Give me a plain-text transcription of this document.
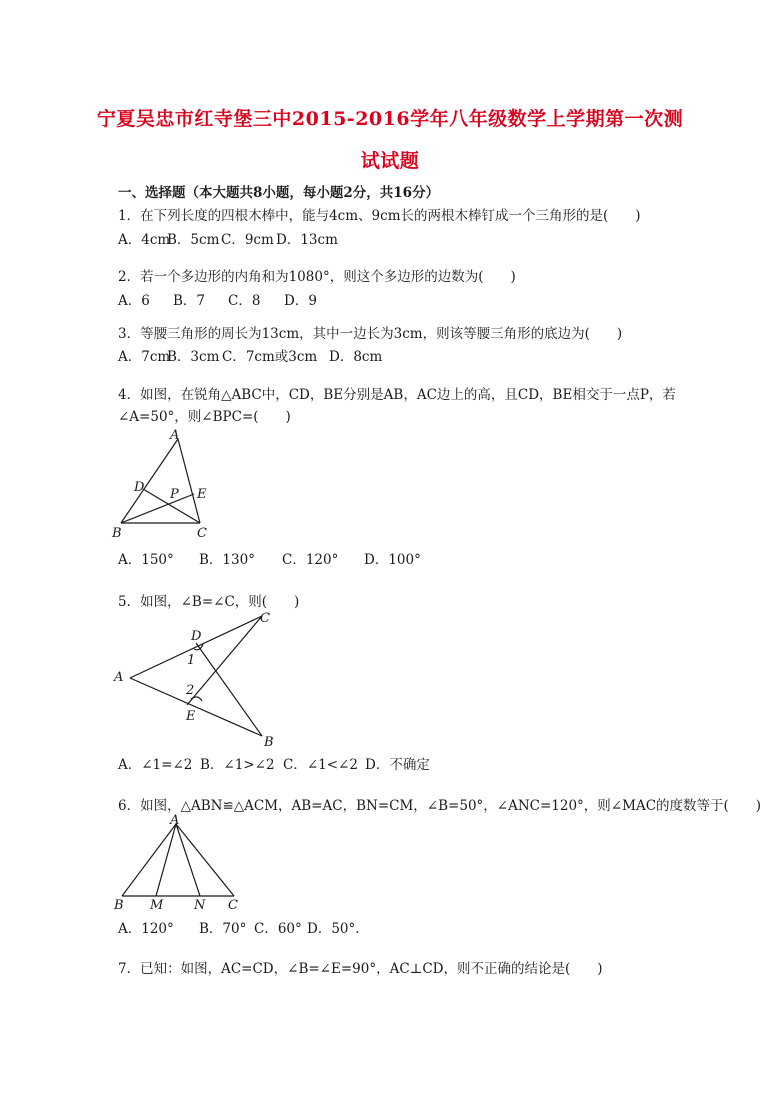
宁夏吴忠市红寺堡三中2015-2016学年八年级数学上学期第一次测
试试题
一、选择题（本大题共8小题，每小题2分，共16分）
1．在下列长度的四根木棒中，能与4cm、9cm长的两根木棒钉成一个三角形的是(　　)
A．4cm
B．5cm C．9cm D．13cm
2．若一个多边形的内角和为1080°，则这个多边形的边数为(　　)
A．6 B．7 C．8 D．9
3．等腰三角形的周长为13cm，其中一边长为3cm，则该等腰三角形的底边为(　　)
A．7cm
B．3cm C．7cm或3cm D．8cm
4．如图，在锐角△ABC中，CD，BE分别是AB，AC边上的高，且CD，BE相交于一点P，若
∠A=50°，则∠BPC=(　　)
A
B	C
D	E
P
A．150° B．130° C．120° D．100°
5．如图，∠B=∠C，则(　　)
A
B
C
D
E
1
2
A．∠1=∠2 B．∠1>∠2 C．∠1<∠2 D．不确定
6．如图，△ABN≌△ACM，AB=AC，BN=CM，∠B=50°，∠ANC=120°，则∠MAC的度数等于(　　)
A
B M N C
A．120° B．70° C．60° D．50°．
7．已知：如图，AC=CD，∠B=∠E=90°，AC⊥CD，则不正确的结论是(　　)
